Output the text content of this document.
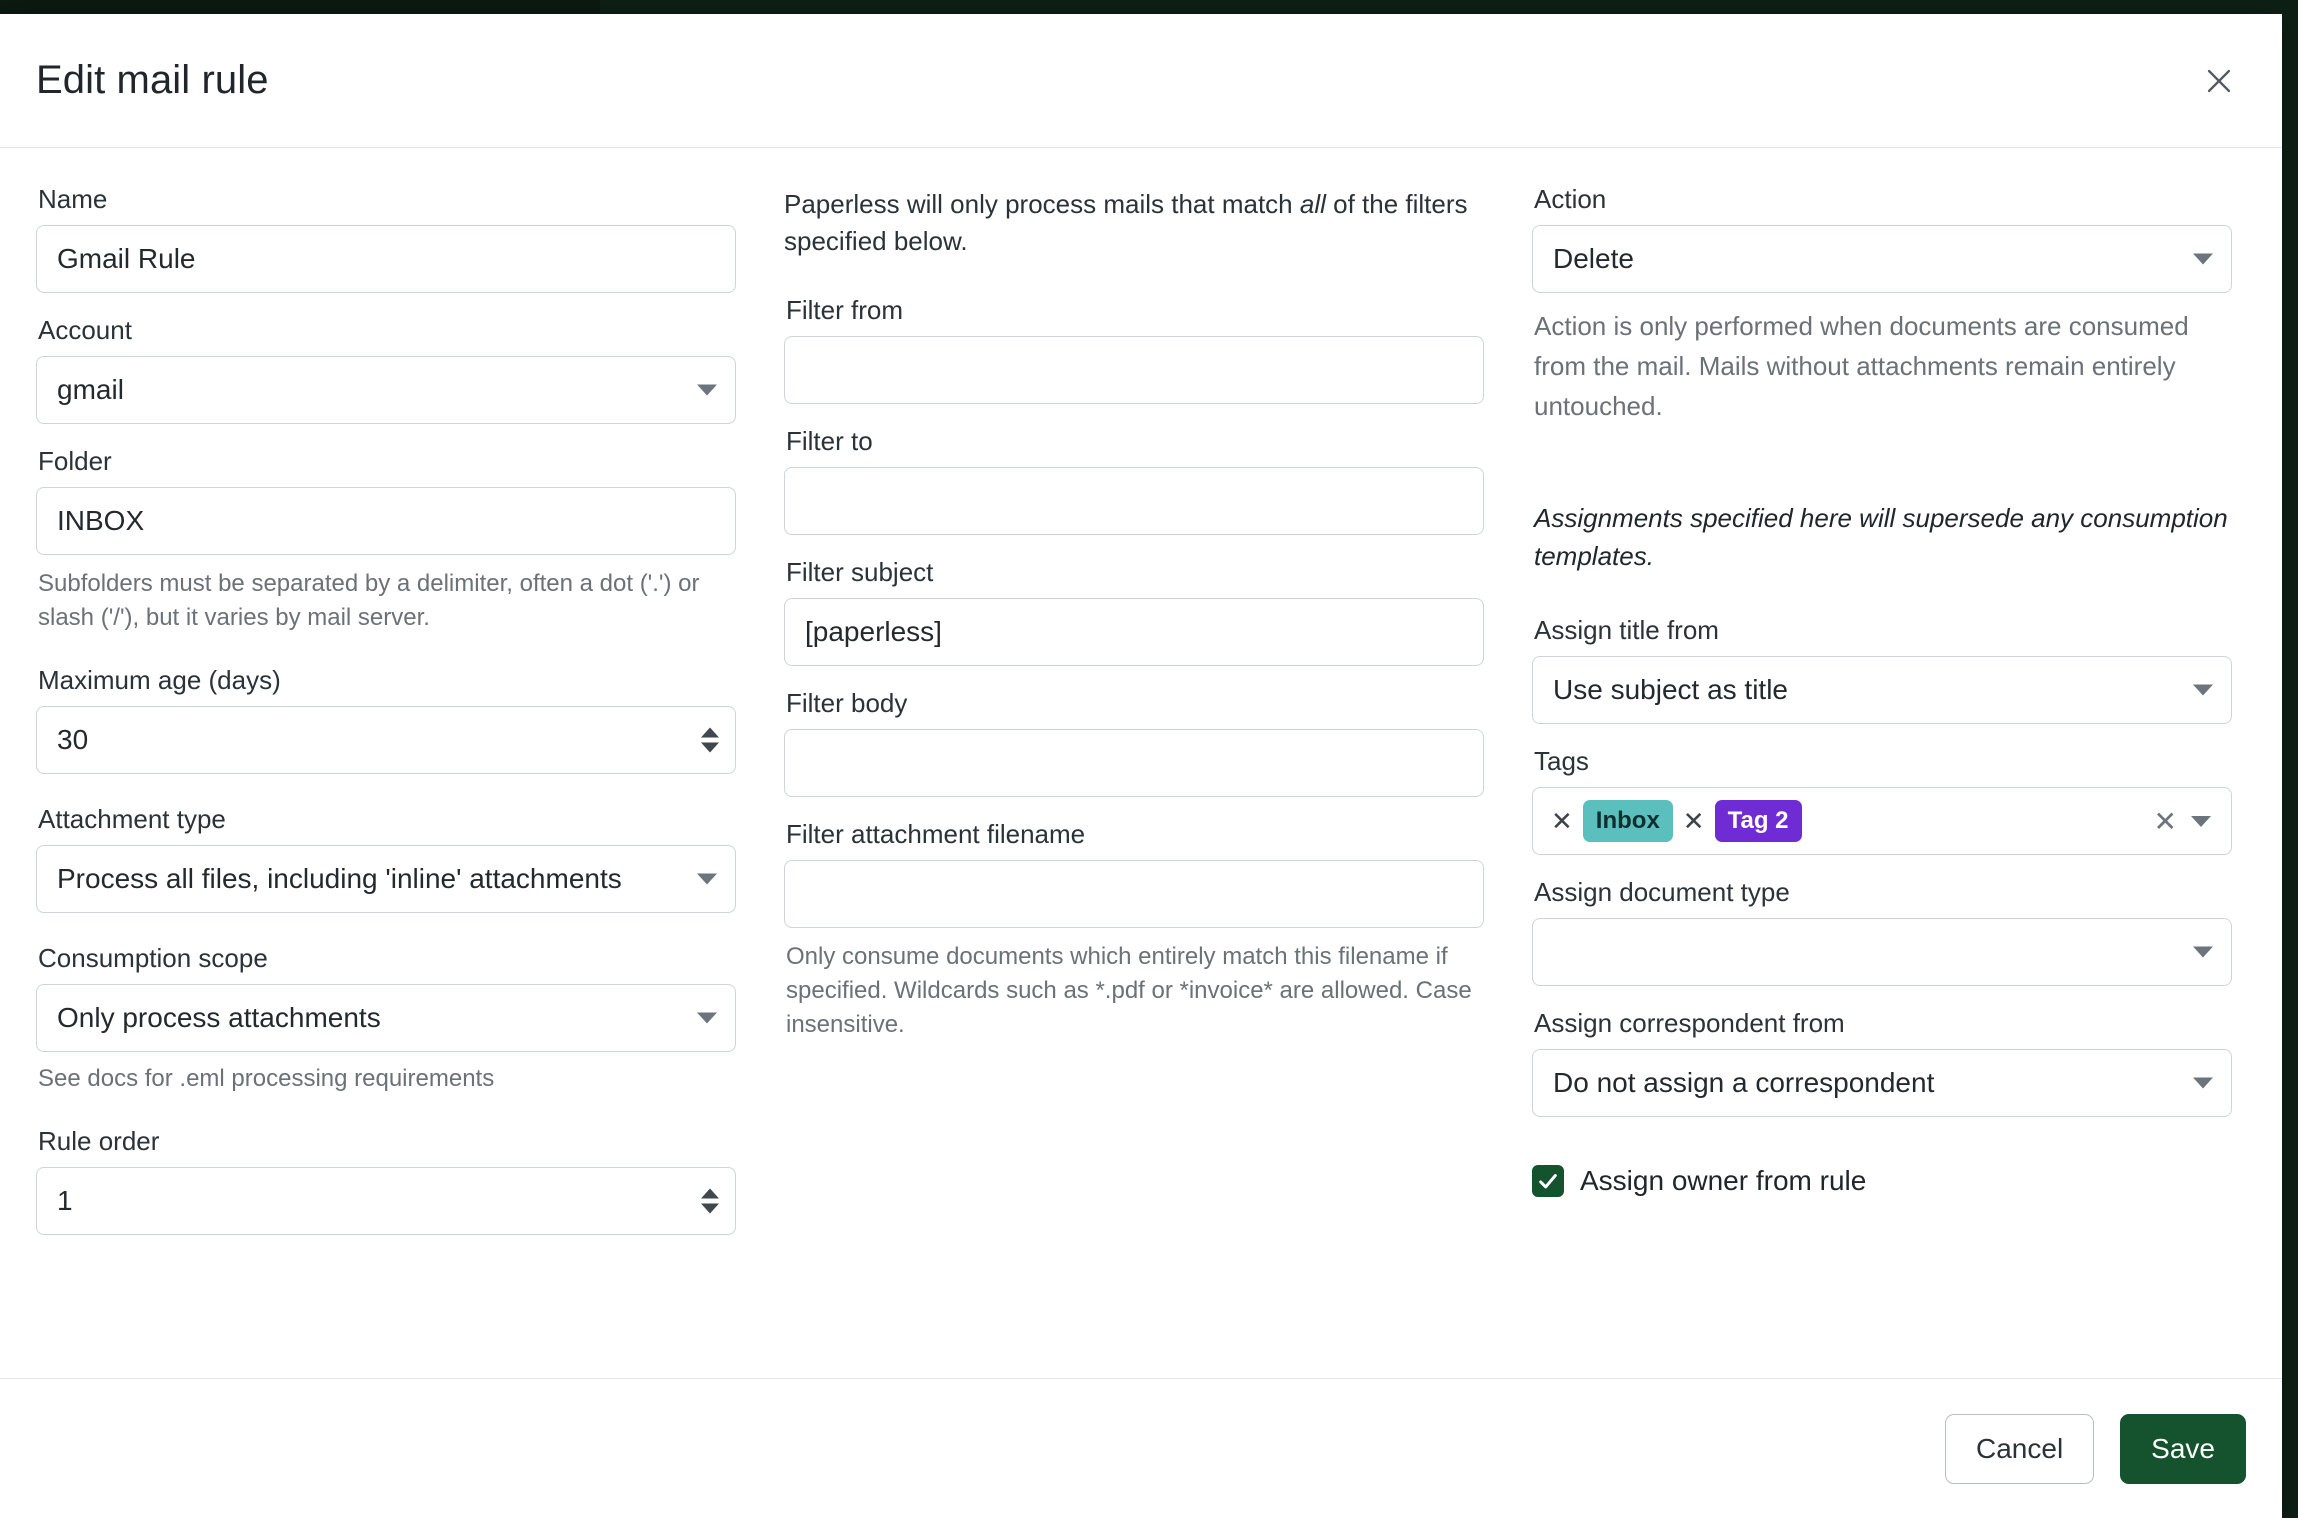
Edit mail rule
Name
Gmail Rule
Account
gmail
Folder
INBOX
Subfolders must be separated by a delimiter, often a dot ('.') or slash ('/'), but it varies by mail server.
Maximum age (days)
30
Attachment type
Process all files, including 'inline' attachments
Consumption scope
Only process attachments
See docs for .eml processing requirements
Rule order
1

Paperless will only process mails that match all of the filters specified below.

Filter from
Filter to
Filter subject
[paperless]
Filter body
Filter attachment filename
Only consume documents which entirely match this filename if specified. Wildcards such as *.pdf or *invoice* are allowed. Case insensitive.
Action
Delete
Action is only performed when documents are consumed from the mail. Mails without attachments remain entirely untouched.
Assignments specified here will supersede any consumption templates.
Assign title from
Use subject as title
Tags
✕ Inbox ✕ Tag 2	✕
Assign document type
Assign correspondent from
Do not assign a correspondent
Assign owner from rule
Cancel	Save
